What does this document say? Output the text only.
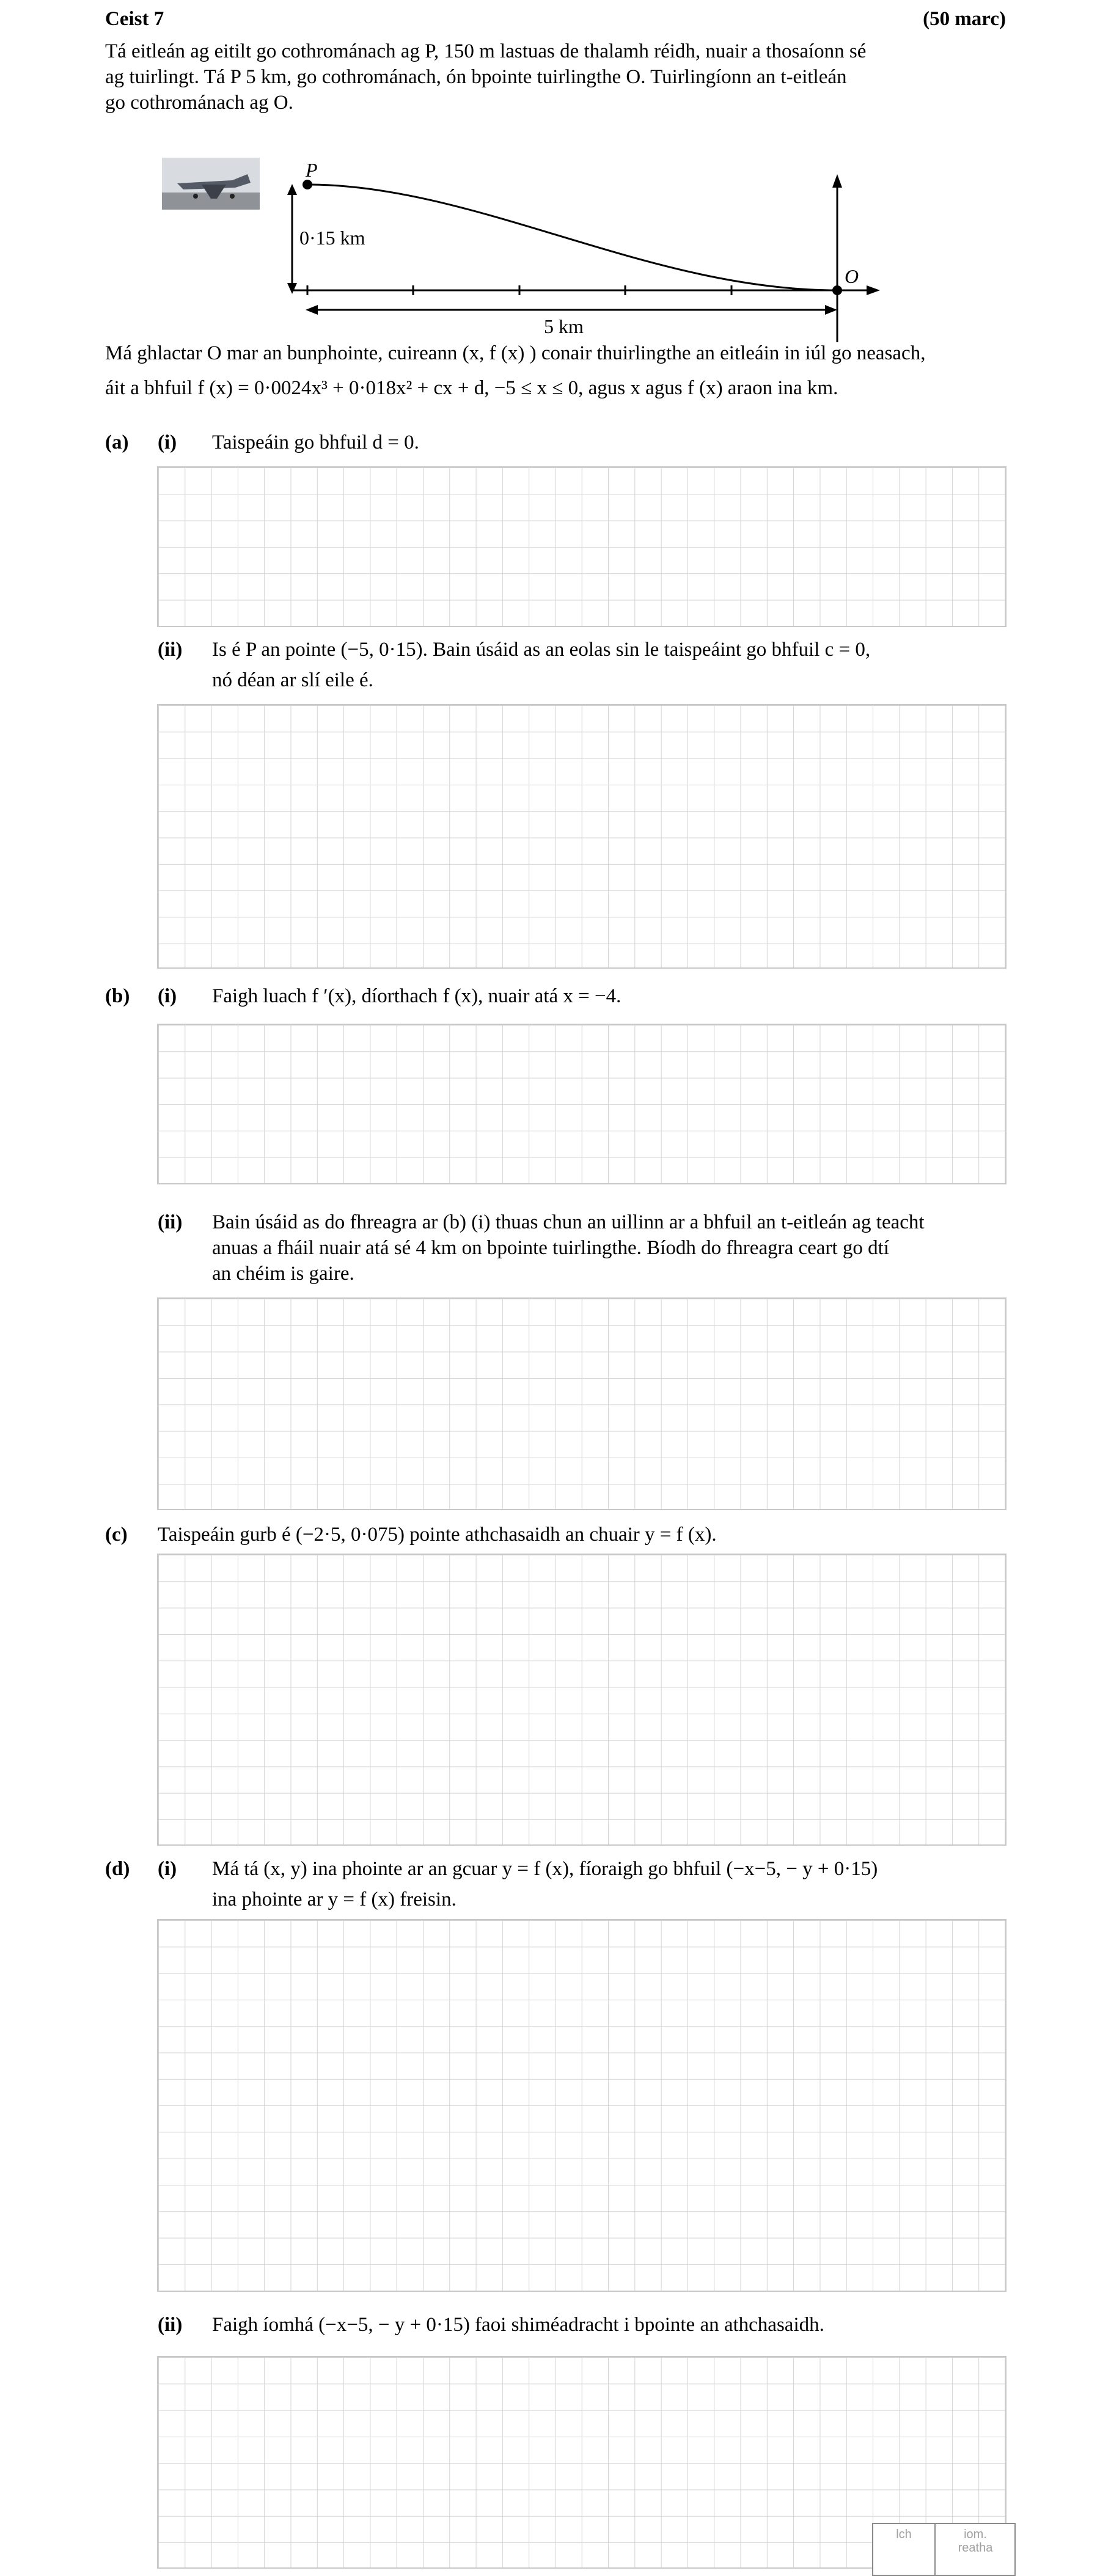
Ceist 7	(50 marc)
Tá eitleán ag eitilt go cothrománach ag P, 150 m lastuas de thalamh réidh, nuair a thosaíonn sé
ag tuirlingt. Tá P 5 km, go cothrománach, ón bpointe tuirlingthe O. Tuirlingíonn an t-eitleán
go cothrománach ag O.
P
O
0·15 km
5 km
Má ghlactar O mar an bunphointe, cuireann (x, f (x) ) conair thuirlingthe an eitleáin in iúl go neasach,
áit a bhfuil f (x) = 0·0024x³ + 0·018x² + cx + d, −5 ≤ x ≤ 0, agus x agus f (x) araon ina km.
(a) (i) Taispeáin go bhfuil d = 0.
(ii) Is é P an pointe (−5, 0·15). Bain úsáid as an eolas sin le taispeáint go bhfuil c = 0,
nó déan ar slí eile é.
(b) (i) Faigh luach f ′(x), díorthach f (x), nuair atá x = −4.
(ii) Bain úsáid as do fhreagra ar (b) (i) thuas chun an uillinn ar a bhfuil an t-eitleán ag teacht
anuas a fháil nuair atá sé 4 km on bpointe tuirlingthe. Bíodh do fhreagra ceart go dtí
an chéim is gaire.
(c) Taispeáin gurb é (−2·5, 0·075) pointe athchasaidh an chuair y = f (x).
(d) (i) Má tá (x, y) ina phointe ar an gcuar y = f (x), fíoraigh go bhfuil (−x−5, − y + 0·15)
ina phointe ar y = f (x) freisin.
(ii) Faigh íomhá (−x−5, − y + 0·15) faoi shiméadracht i bpointe an athchasaidh.
lch	iom.
reatha
